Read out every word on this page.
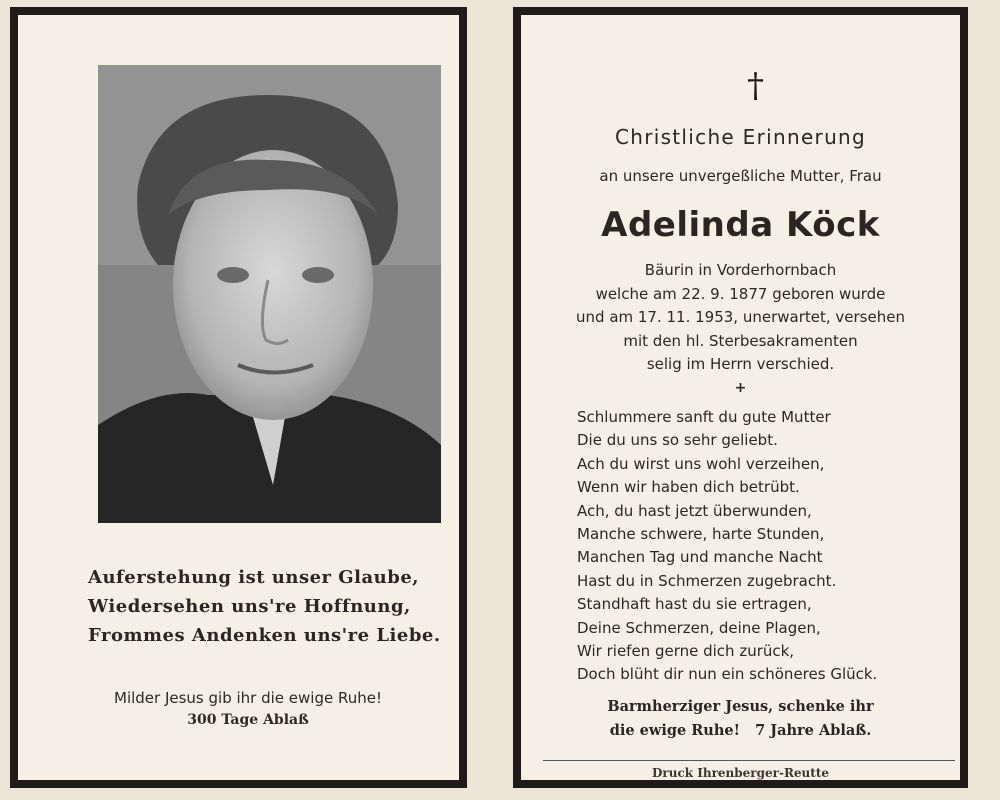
Auferstehung ist unser Glaube,
Wiedersehen uns're Hoffnung,
Frommes Andenken uns're Liebe.
Milder Jesus gib ihr die ewige Ruhe!
300 Tage Ablaß
†
Christliche Erinnerung
an unsere unvergeßliche Mutter, Frau
Adelinda Köck
Bäurin in Vorderhornbach
welche am 22. 9. 1877 geboren wurde
und am 17. 11. 1953, unerwartet, versehen
mit den hl. Sterbesakramenten
selig im Herrn verschied.
+
Schlummere sanft du gute Mutter
Die du uns so sehr geliebt.
Ach du wirst uns wohl verzeihen,
Wenn wir haben dich betrübt.
Ach, du hast jetzt überwunden,
Manche schwere, harte Stunden,
Manchen Tag und manche Nacht
Hast du in Schmerzen zugebracht.
Standhaft hast du sie ertragen,
Deine Schmerzen, deine Plagen,
Wir riefen gerne dich zurück,
Doch blüht dir nun ein schöneres Glück.
Barmherziger Jesus, schenke ihr
die ewige Ruhe!   7 Jahre Ablaß.
Druck Ihrenberger-Reutte
